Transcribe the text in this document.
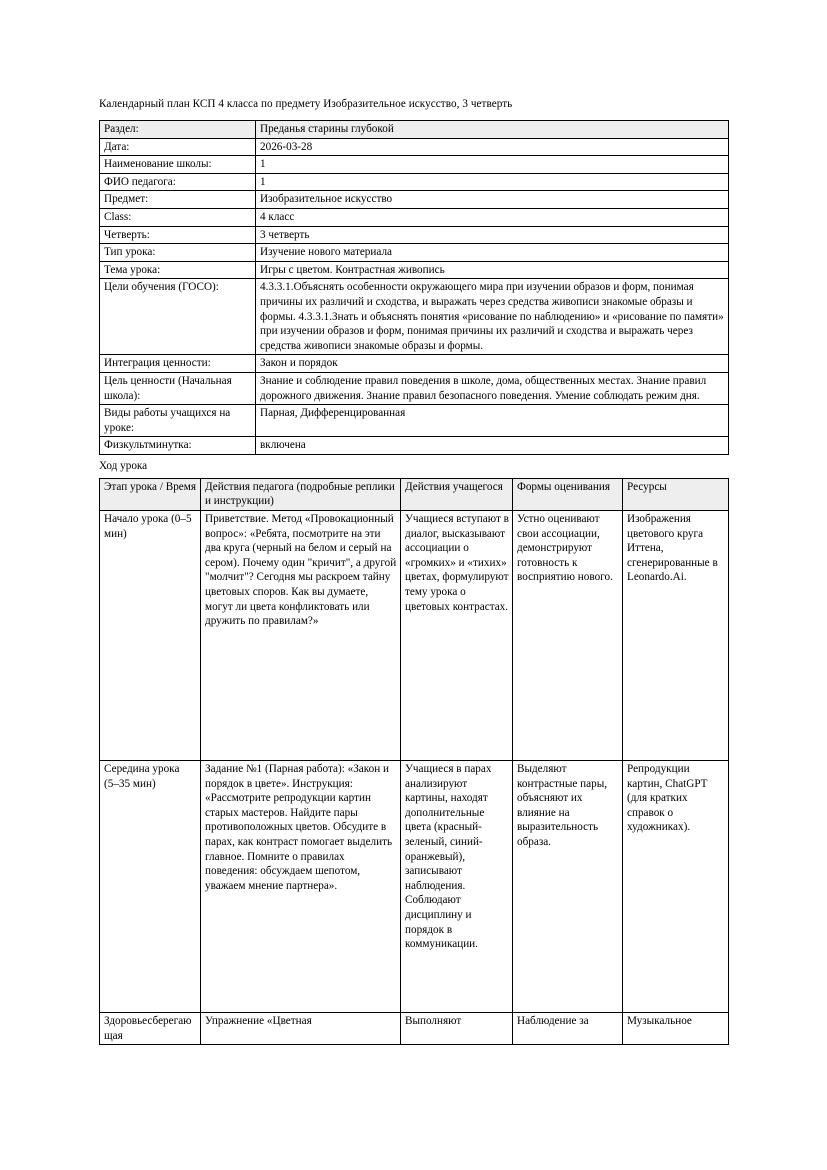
Календарный план КСП 4 класса по предмету Изобразительное искусство, 3 четверть
Раздел:	Преданья старины глубокой
Дата:	2026-03-28
Наименование школы:	1
ФИО педагога:	1
Предмет:	Изобразительное искусство
Class:	4 класс
Четверть:	3 четверть
Тип урока:	Изучение нового материала
Тема урока:	Игры с цветом. Контрастная живопись
Цели обучения (ГОСО):	4.3.3.1.Объяснять особенности окружающего мира при изучении образов и форм, понимая причины их различий и сходства, и выражать через средства живописи знакомые образы и формы. 4.3.3.1.Знать и объяснять понятия «рисование по наблюдению» и «рисование по памяти» при изучении образов и форм, понимая причины их различий и сходства и выражать через средства живописи знакомые образы и формы.
Интеграция ценности:	Закон и порядок
Цель ценности (Начальная школа):	Знание и соблюдение правил поведения в школе, дома, общественных местах. Знание правил дорожного движения. Знание правил безопасного поведения. Умение соблюдать режим дня.
Виды работы учащихся на уроке:	Парная, Дифференцированная
Физкультминутка:	включена
Ход урока
Этап урока / Время	Действия педагога (подробные реплики и инструкции)	Действия учащегося	Формы оценивания	Ресурсы
Начало урока (0–5 мин)	Приветствие. Метод «Провокационный вопрос»: «Ребята, посмотрите на эти два круга (черный на белом и серый на сером). Почему один "кричит", а другой "молчит"? Сегодня мы раскроем тайну цветовых споров. Как вы думаете, могут ли цвета конфликтовать или дружить по правилам?»	Учащиеся вступают в диалог, высказывают ассоциации о «громких» и «тихих» цветах, формулируют тему урока о цветовых контрастах.	Устно оценивают свои ассоциации, демонстрируют готовность к восприятию нового.	Изображения цветового круга Иттена, сгенерированные в Leonardo.Ai.
Середина урока (5–35 мин)	Задание №1 (Парная работа): «Закон и порядок в цвете». Инструкция: «Рассмотрите репродукции картин старых мастеров. Найдите пары противоположных цветов. Обсудите в парах, как контраст помогает выделить главное. Помните о правилах поведения: обсуждаем шепотом, уважаем мнение партнера».	Учащиеся в парах анализируют картины, находят дополнительные цвета (красный-зеленый, синий-оранжевый), записывают наблюдения. Соблюдают дисциплину и порядок в коммуникации.	Выделяют контрастные пары, объясняют их влияние на выразительность образа.	Репродукции картин, ChatGPT (для кратких справок о художниках).
Здоровьесберегающая	Упражнение «Цветная	Выполняют	Наблюдение за	Музыкальное
